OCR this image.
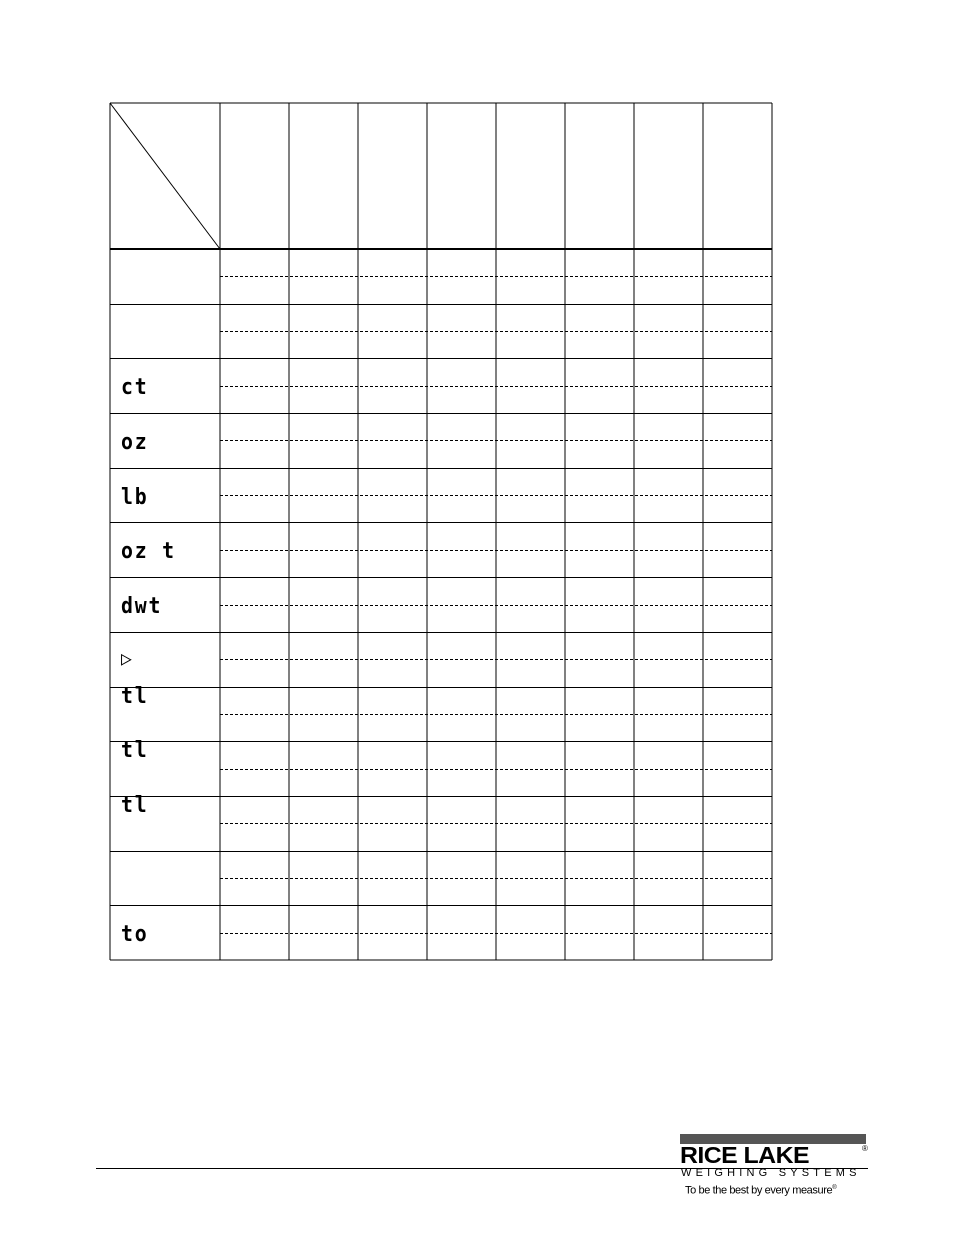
ct
oz
lb
oz t
dwt
▷
tl
tl
tl
to
RICE LAKE	®
WEIGHING SYSTEMS
To be the best by every measure®
